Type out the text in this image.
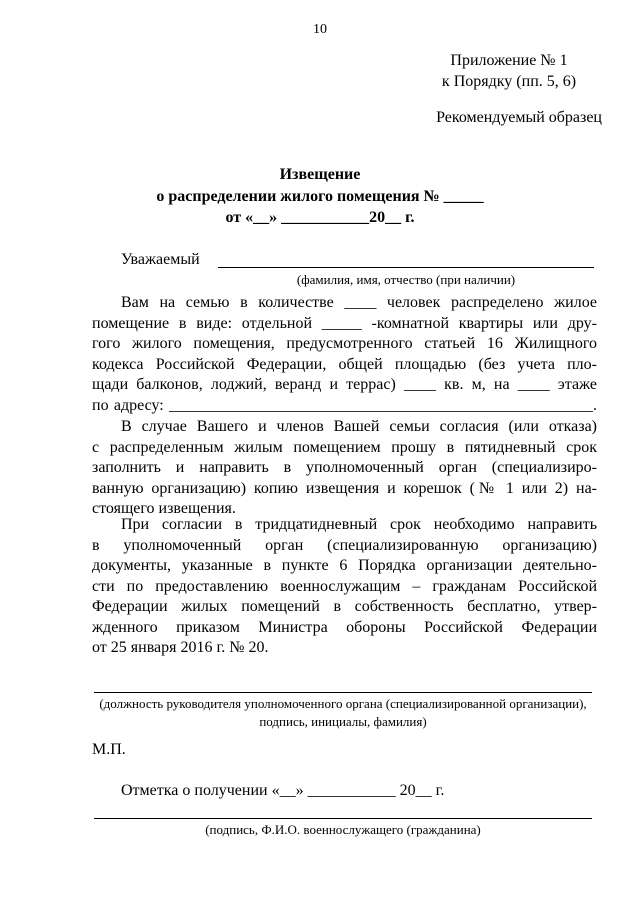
10
Приложение № 1
к Порядку (пп. 5, 6)
Рекомендуемый образец
Извещение
о распределении жилого помещения № _____
от «__» ___________20__ г.
Уважаемый
(фамилия, имя, отчество (при наличии)
Вам на семью в количестве ____ человек распределено жилое
помещение в виде: отдельной _____ -комнатной квартиры или дру-
гого жилого помещения, предусмотренного статьей 16 Жилищного
кодекса Российской Федерации, общей площадью (без учета пло-
щади балконов, лоджий, веранд и террас) ____ кв. м, на ____ этаже
по адресу: _____________________________________________________.
В случае Вашего и членов Вашей семьи согласия (или отказа)
с распределенным жилым помещением прошу в пятидневный срок
заполнить и направить в уполномоченный орган (специализиро-
ванную организацию) копию извещения и корешок (№ 1 или 2) на-
стоящего извещения.
При согласии в тридцатидневный срок необходимо направить
в уполномоченный орган (специализированную организацию)
документы, указанные в пункте 6 Порядка организации деятельно-
сти по предоставлению военнослужащим – гражданам Российской
Федерации жилых помещений в собственность бесплатно, утвер-
жденного приказом Министра обороны Российской Федерации
от 25 января 2016 г. № 20.
(должность руководителя уполномоченного органа (специализированной организации), подпись, инициалы, фамилия)
М.П.
Отметка о получении «__» ___________ 20__ г.
(подпись, Ф.И.О. военнослужащего (гражданина)
